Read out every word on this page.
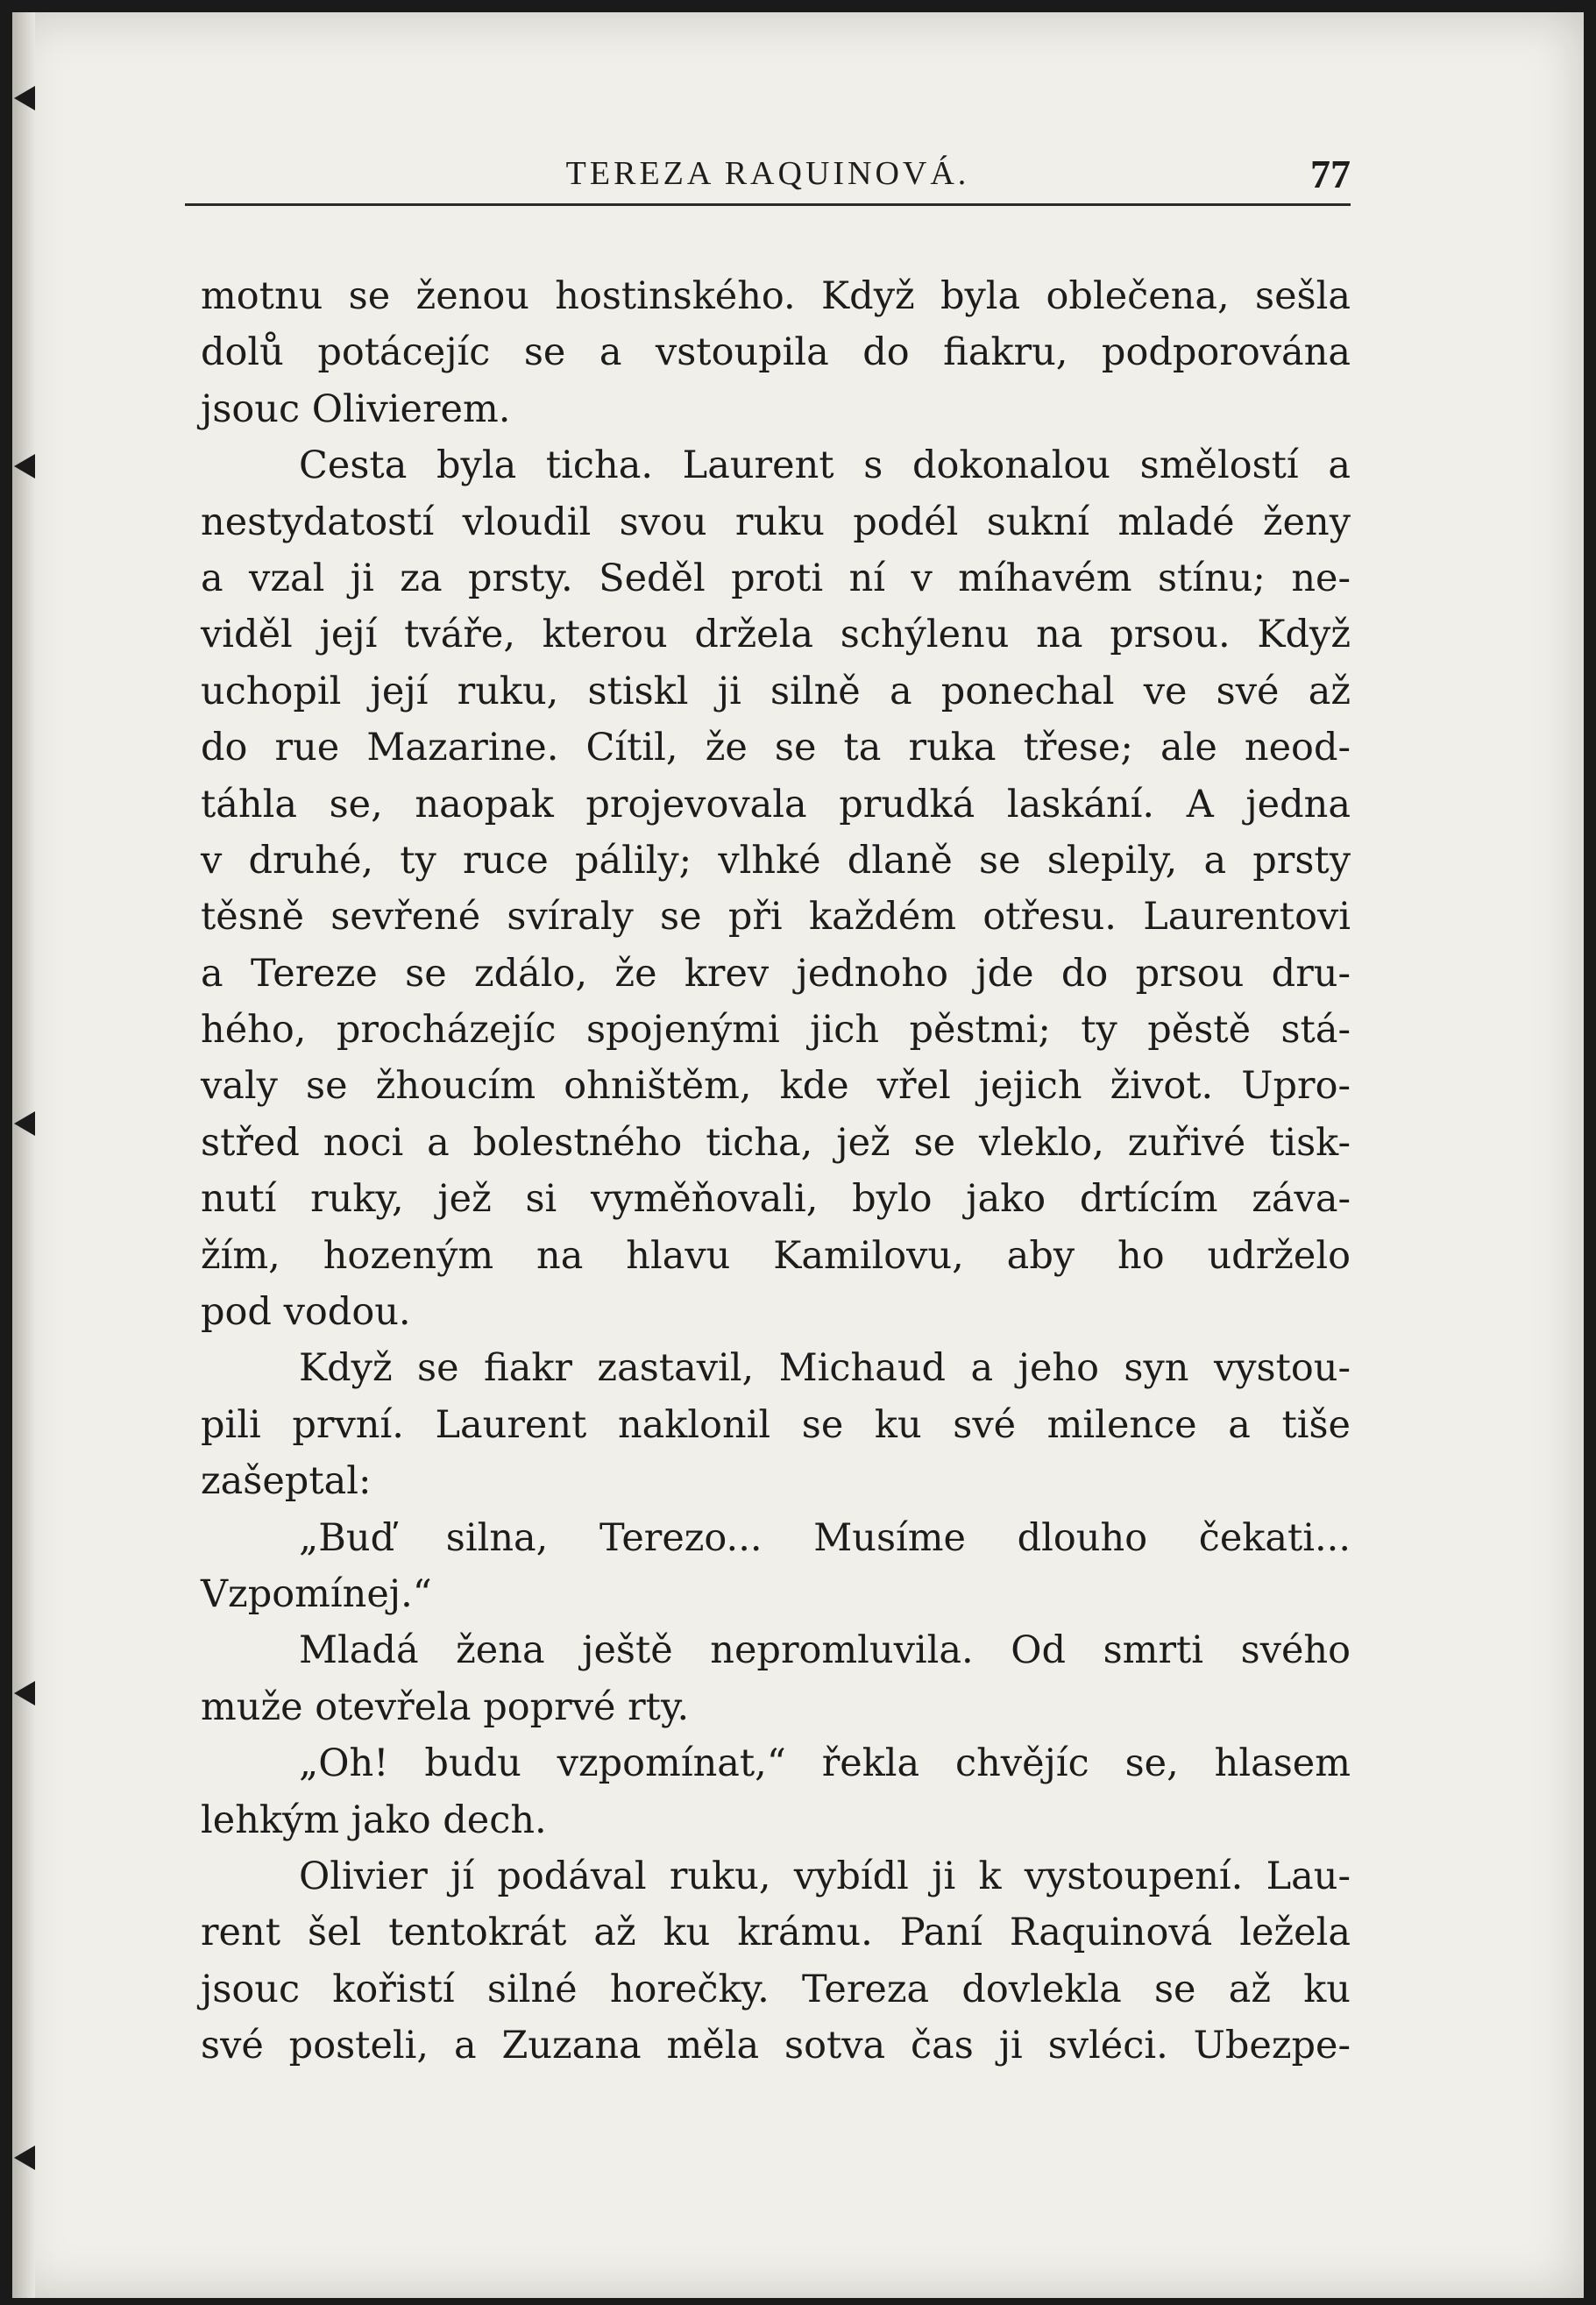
TEREZA RAQUINOVÁ.	77
motnu se ženou hostinského. Když byla oblečena, sešla
dolů potácejíc se a vstoupila do fiakru, podporována
jsouc Olivierem.
Cesta byla ticha. Laurent s dokonalou smělostí a
nestydatostí vloudil svou ruku podél sukní mladé ženy
a vzal ji za prsty. Seděl proti ní v míhavém stínu; ne-
viděl její tváře, kterou držela schýlenu na prsou. Když
uchopil její ruku, stiskl ji silně a ponechal ve své až
do rue Mazarine. Cítil, že se ta ruka třese; ale neod-
táhla se, naopak projevovala prudká laskání. A jedna
v druhé, ty ruce pálily; vlhké dlaně se slepily, a prsty
těsně sevřené svíraly se při každém otřesu. Laurentovi
a Tereze se zdálo, že krev jednoho jde do prsou dru-
hého, procházejíc spojenými jich pěstmi; ty pěstě stá-
valy se žhoucím ohništěm, kde vřel jejich život. Upro-
střed noci a bolestného ticha, jež se vleklo, zuřivé tisk-
nutí ruky, jež si vyměňovali, bylo jako drtícím záva-
žím, hozeným na hlavu Kamilovu, aby ho udrželo
pod vodou.
Když se fiakr zastavil, Michaud a jeho syn vystou-
pili první. Laurent naklonil se ku své milence a tiše
zašeptal:
„Buď silna, Terezo... Musíme dlouho čekati...
Vzpomínej.“
Mladá žena ještě nepromluvila. Od smrti svého
muže otevřela poprvé rty.
„Oh! budu vzpomínat,“ řekla chvějíc se, hlasem
lehkým jako dech.
Olivier jí podával ruku, vybídl ji k vystoupení. Lau-
rent šel tentokrát až ku krámu. Paní Raquinová ležela
jsouc kořistí silné horečky. Tereza dovlekla se až ku
své posteli, a Zuzana měla sotva čas ji svléci. Ubezpe-
